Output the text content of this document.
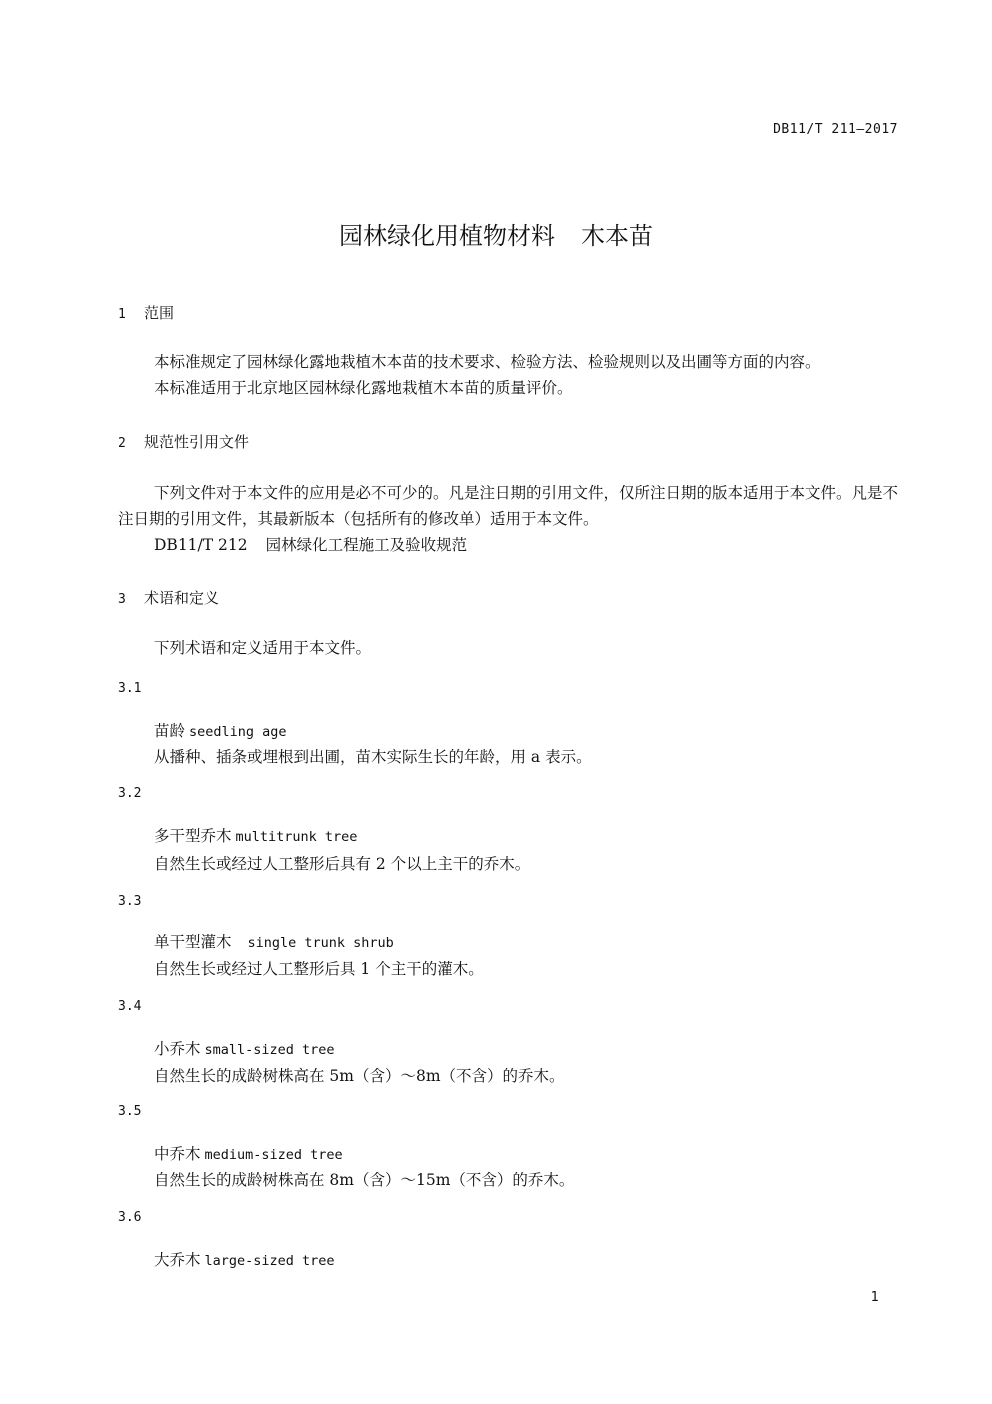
DB11/T 211—2017
园林绿化用植物材料 木本苗
1 范围
本标准规定了园林绿化露地栽植木本苗的技术要求、检验方法、检验规则以及出圃等方面的内容。
本标准适用于北京地区园林绿化露地栽植木本苗的质量评价。
2 规范性引用文件
下列文件对于本文件的应用是必不可少的。凡是注日期的引用文件，仅所注日期的版本适用于本文件。凡是不注日期的引用文件，其最新版本（包括所有的修改单）适用于本文件。
DB11/T 212 园林绿化工程施工及验收规范
3 术语和定义
下列术语和定义适用于本文件。
3.1
苗龄 seedling age
从播种、插条或埋根到出圃，苗木实际生长的年龄，用 a 表示。
3.2
多干型乔木 multitrunk tree
自然生长或经过人工整形后具有 2 个以上主干的乔木。
3.3
单干型灌木 single trunk shrub
自然生长或经过人工整形后具 1 个主干的灌木。
3.4
小乔木 small-sized tree
自然生长的成龄树株高在 5m（含）～8m（不含）的乔木。
3.5
中乔木 medium-sized tree
自然生长的成龄树株高在 8m（含）～15m（不含）的乔木。
3.6
大乔木 large-sized tree
1
